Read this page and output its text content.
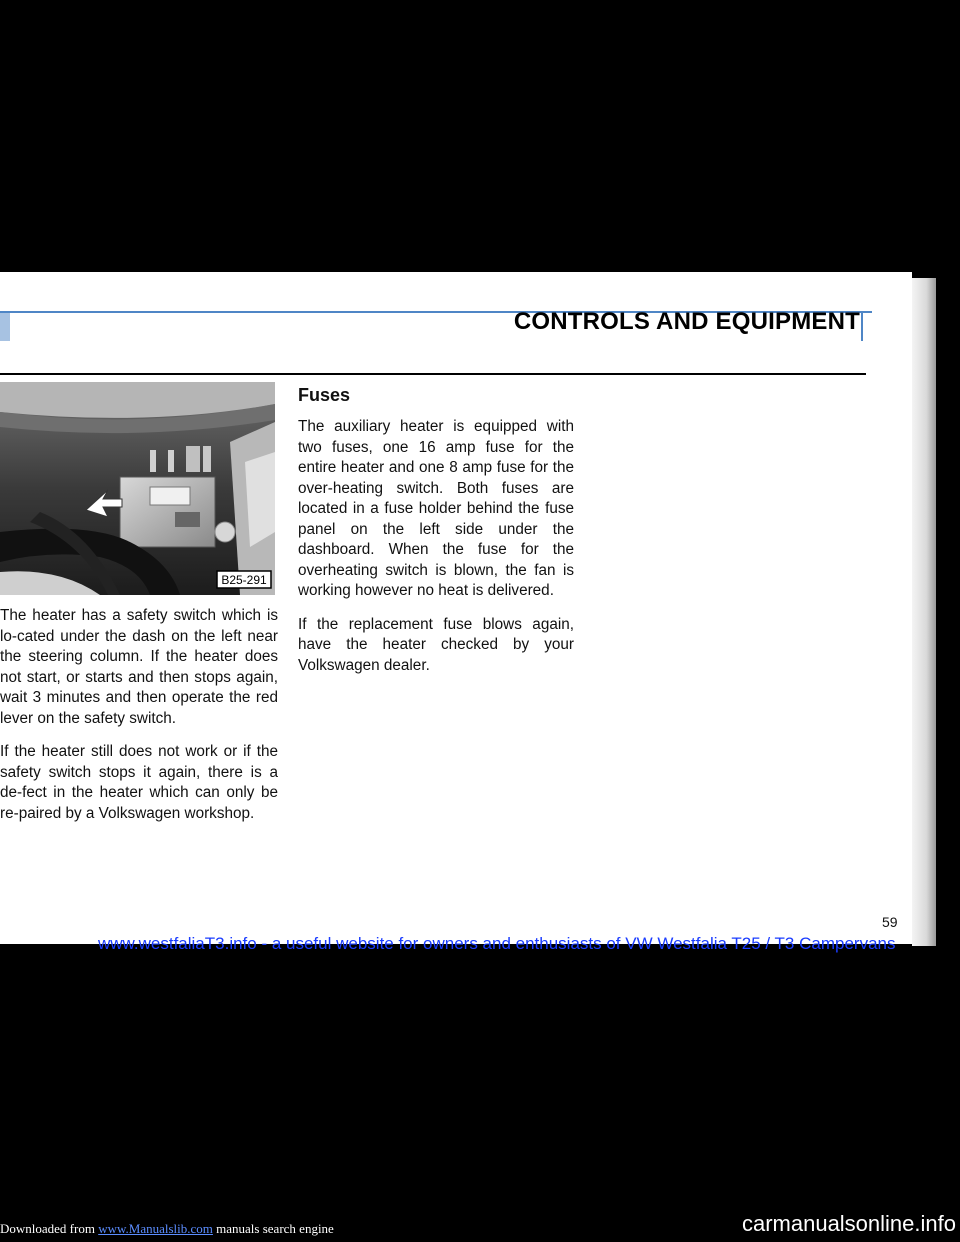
CONTROLS AND EQUIPMENT
B25-291

The heater has a safety switch which is lo-cated under the dash on the left near the steering column. If the heater does not start, or starts and then stops again, wait 3 minutes and then operate the red lever on the safety switch.

If the heater still does not work or if the safety switch stops it again, there is a de-fect in the heater which can only be re-paired by a Volkswagen workshop.

Fuses

The auxiliary heater is equipped with two fuses, one 16 amp fuse for the entire heater and one 8 amp fuse for the over-heating switch. Both fuses are located in a fuse holder behind the fuse panel on the left side under the dashboard. When the fuse for the overheating switch is blown, the fan is working however no heat is delivered.

If the replacement fuse blows again, have the heater checked by your Volkswagen dealer.

59
www.westfaliaT3.info - a useful website for owners and enthusiasts of VW Westfalia T25 / T3 Campervans
Downloaded from www.Manualslib.com manuals search engine	carmanualsonline.info
